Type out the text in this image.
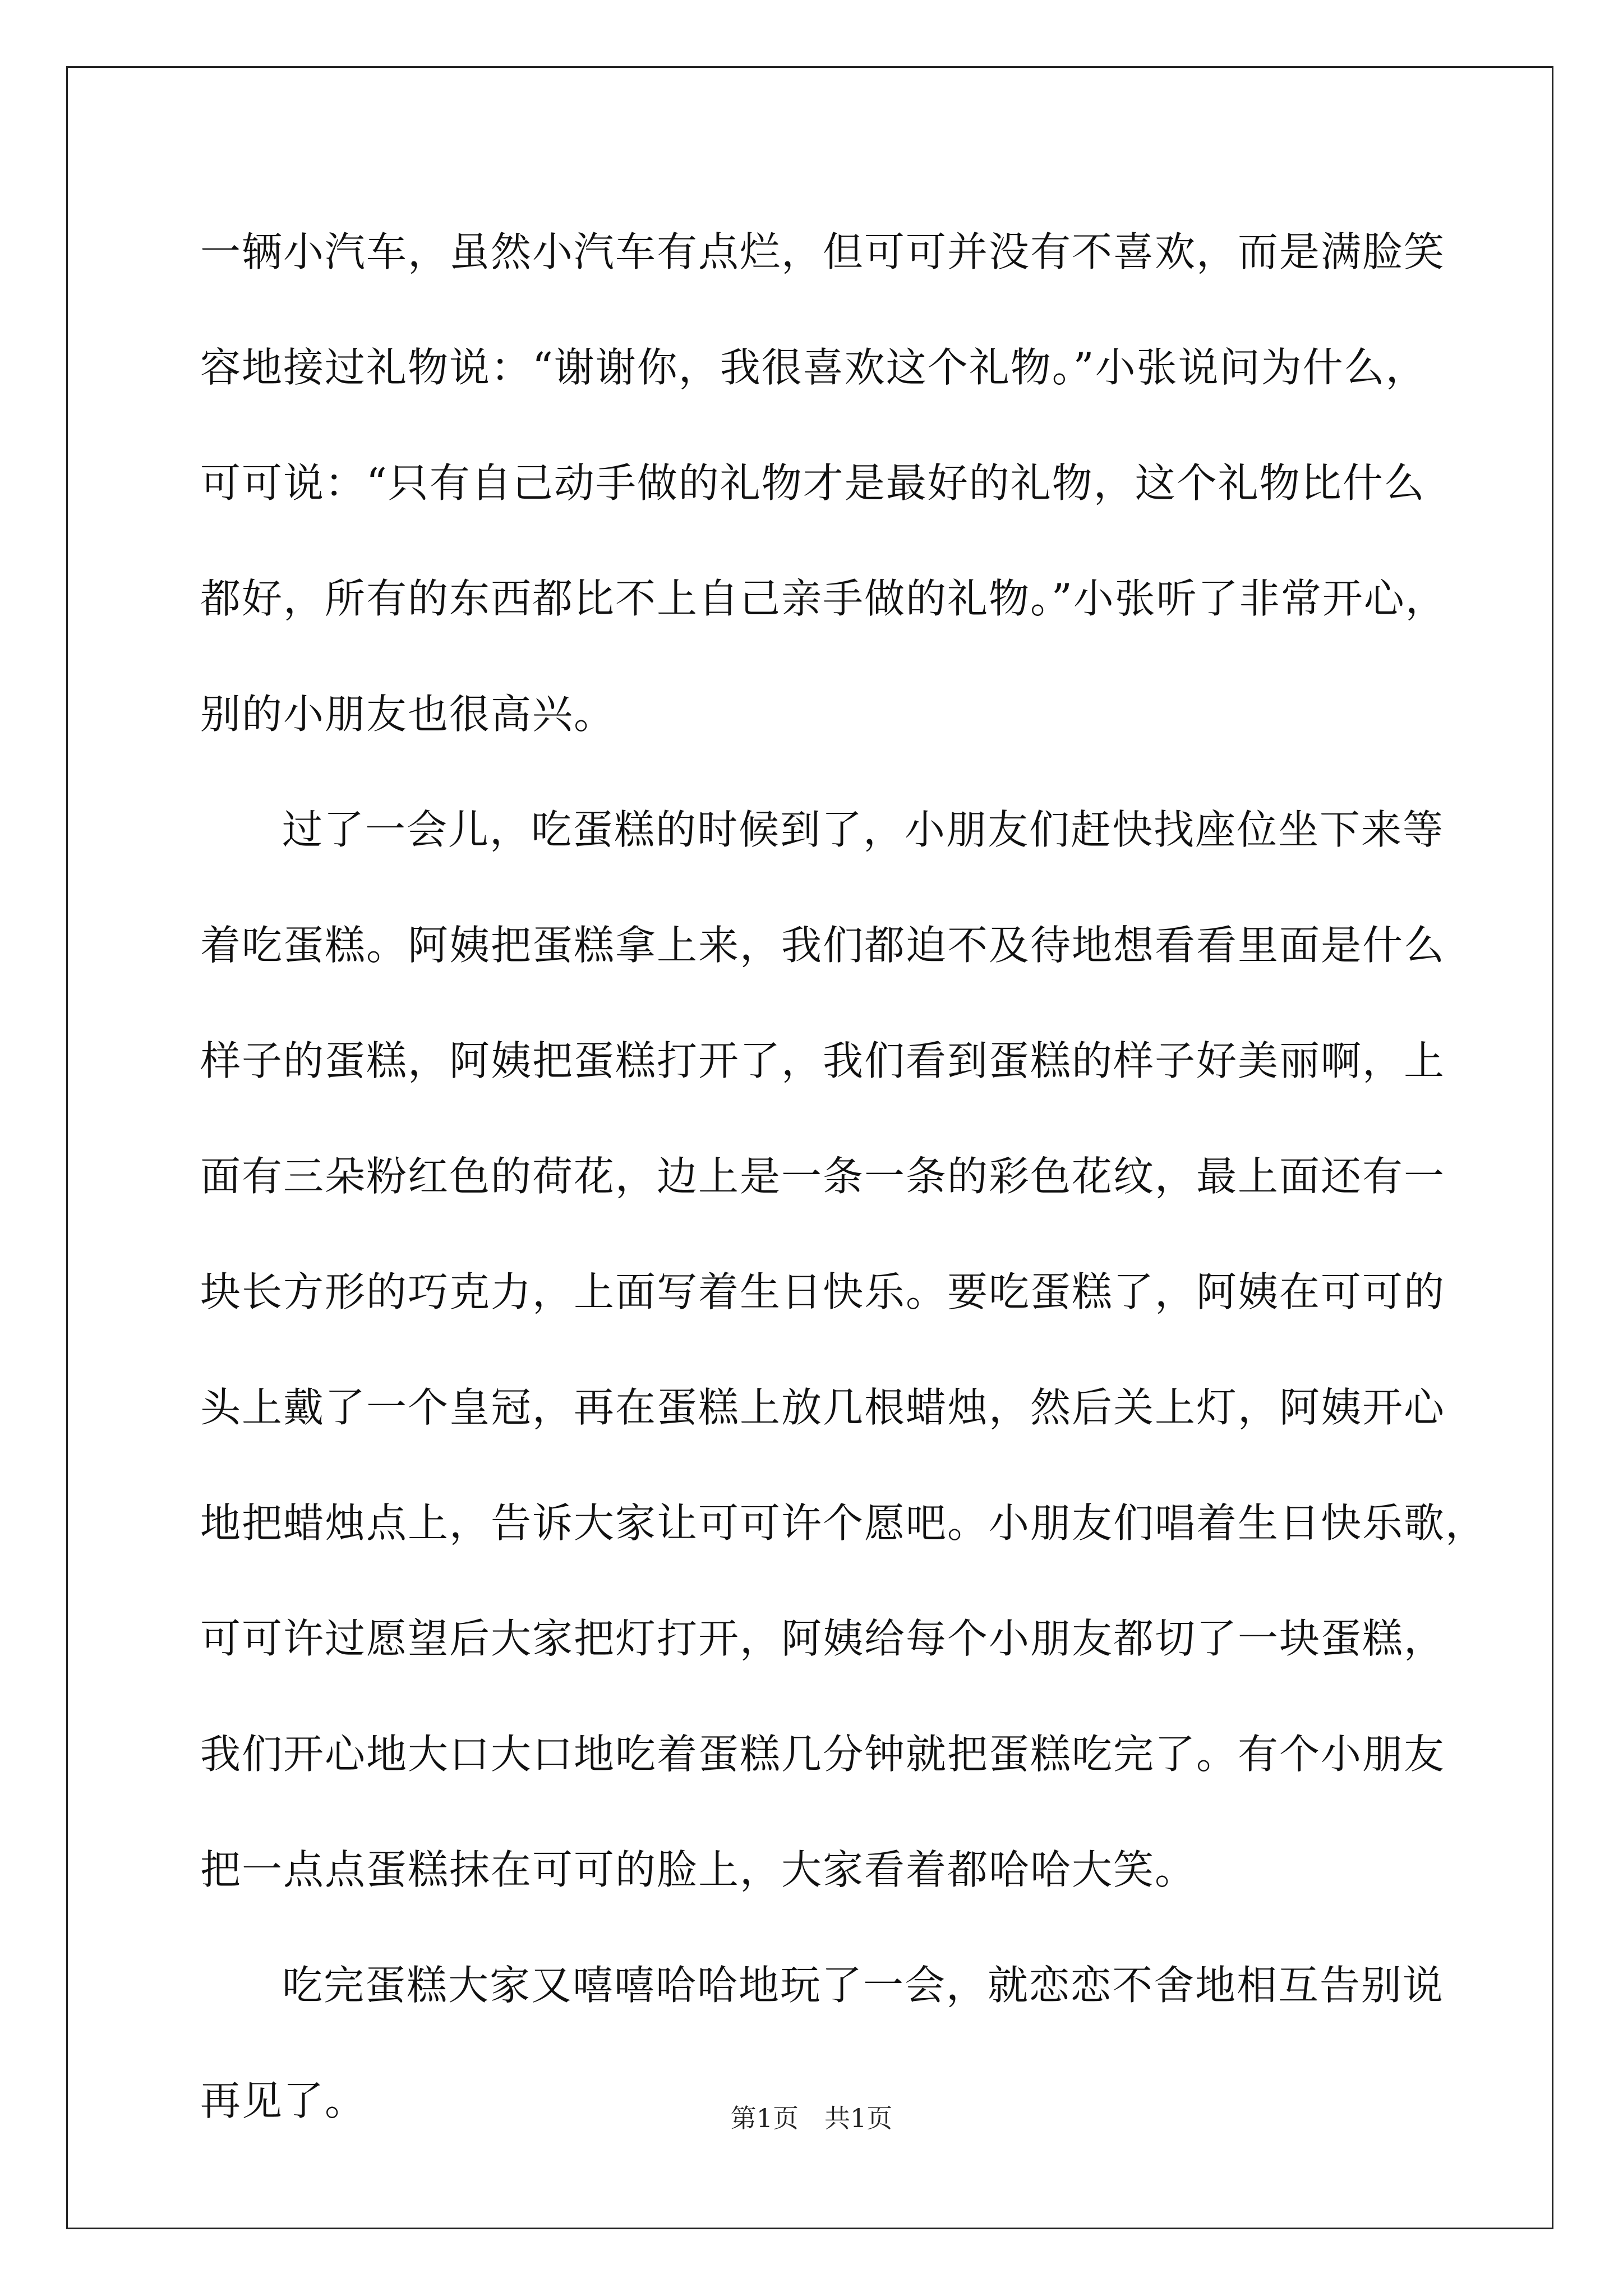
一辆小汽车，虽然小汽车有点烂，但可可并没有不喜欢，而是满脸笑
容地接过礼物说：“谢谢你，我很喜欢这个礼物。”小张说问为什么，
可可说：“只有自己动手做的礼物才是最好的礼物，这个礼物比什么
都好，所有的东西都比不上自己亲手做的礼物。”小张听了非常开心，
别的小朋友也很高兴。
过了一会儿，吃蛋糕的时候到了，小朋友们赶快找座位坐下来等
着吃蛋糕。阿姨把蛋糕拿上来，我们都迫不及待地想看看里面是什么
样子的蛋糕，阿姨把蛋糕打开了，我们看到蛋糕的样子好美丽啊，上
面有三朵粉红色的荷花，边上是一条一条的彩色花纹，最上面还有一
块长方形的巧克力，上面写着生日快乐。要吃蛋糕了，阿姨在可可的
头上戴了一个皇冠，再在蛋糕上放几根蜡烛，然后关上灯，阿姨开心
地把蜡烛点上，告诉大家让可可许个愿吧。小朋友们唱着生日快乐歌，
可可许过愿望后大家把灯打开，阿姨给每个小朋友都切了一块蛋糕，
我们开心地大口大口地吃着蛋糕几分钟就把蛋糕吃完了。有个小朋友
把一点点蛋糕抹在可可的脸上，大家看着都哈哈大笑。
吃完蛋糕大家又嘻嘻哈哈地玩了一会，就恋恋不舍地相互告别说
再见了。	第1页　共1页
